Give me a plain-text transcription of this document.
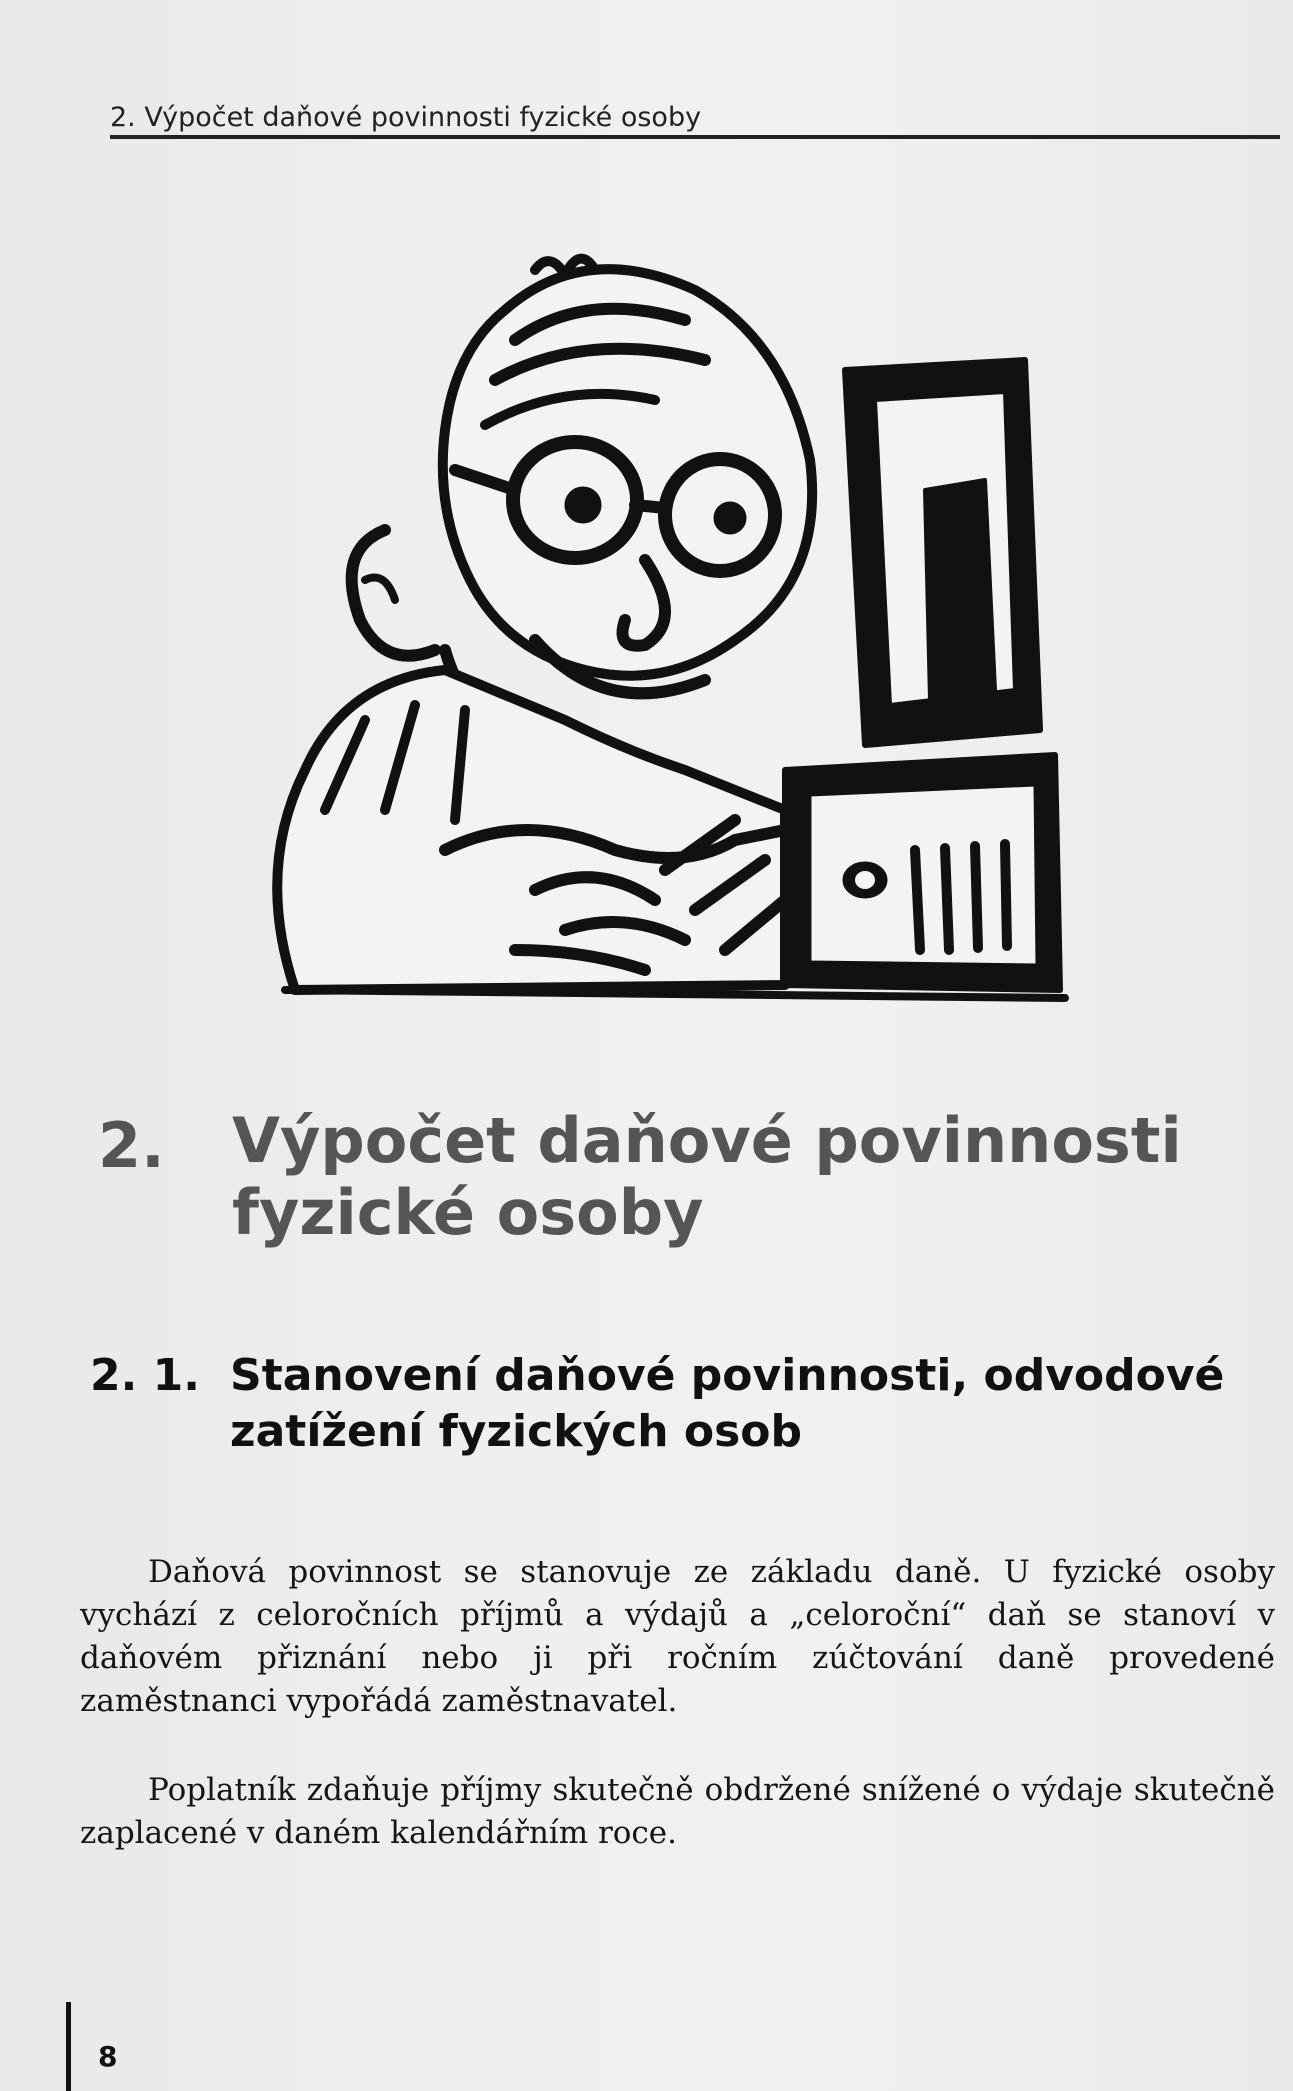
2. Výpočet daňové povinnosti fyzické osoby
2. Výpočet daňové povinnosti fyzické osoby
2. 1. Stanovení daňové povinnosti, odvodové zatížení fyzických osob

Daňová povinnost se stanovuje ze základu daně. U fyzické osoby vychází z celoročních příjmů a výdajů a „celoroční“ daň se stanoví v daňovém přiznání nebo ji při ročním zúčtování daně provedené zaměstnanci vypořádá zaměstnavatel.

Poplatník zdaňuje příjmy skutečně obdržené snížené o výdaje skutečně zaplacené v daném kalendářním roce.

8
